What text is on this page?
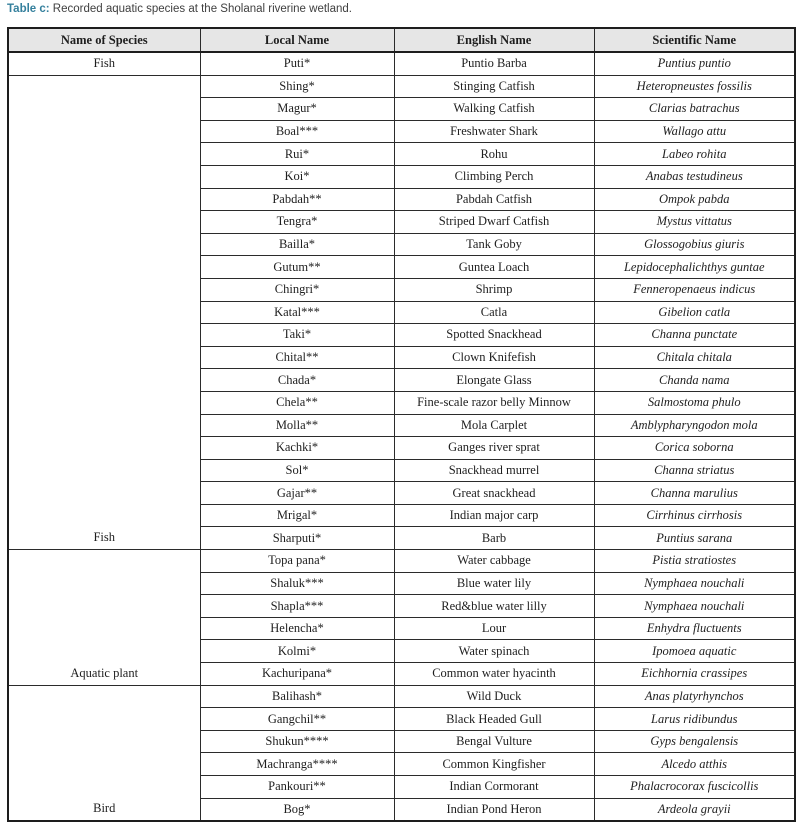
Table c: Recorded aquatic species at the Sholanal riverine wetland.
Name of Species	Local Name	English Name	Scientific Name
Fish	Puti*	Puntio Barba	Puntius puntio
Fish	Shing*	Stinging Catfish	Heteropneustes fossilis
	Magur*	Walking Catfish	Clarias batrachus
	Boal***	Freshwater Shark	Wallago attu
	Rui*	Rohu	Labeo rohita
	Koi*	Climbing Perch	Anabas testudineus
	Pabdah**	Pabdah Catfish	Ompok pabda
	Tengra*	Striped Dwarf Catfish	Mystus vittatus
	Bailla*	Tank Goby	Glossogobius giuris
	Gutum**	Guntea Loach	Lepidocephalichthys guntae
	Chingri*	Shrimp	Fenneropenaeus indicus
	Katal***	Catla	Gibelion catla
	Taki*	Spotted Snackhead	Channa punctate
	Chital**	Clown Knifefish	Chitala chitala
	Chada*	Elongate Glass	Chanda nama
	Chela**	Fine-scale razor belly Minnow	Salmostoma phulo
	Molla**	Mola Carplet	Amblypharyngodon mola
	Kachki*	Ganges river sprat	Corica soborna
	Sol*	Snackhead murrel	Channa striatus
	Gajar**	Great snackhead	Channa marulius
	Mrigal*	Indian major carp	Cirrhinus cirrhosis
	Sharputi*	Barb	Puntius sarana
Aquatic plant	Topa pana*	Water cabbage	Pistia stratiostes
	Shaluk***	Blue water lily	Nymphaea nouchali
	Shapla***	Red&blue water lilly	Nymphaea nouchali
	Helencha*	Lour	Enhydra fluctuents
	Kolmi*	Water spinach	Ipomoea aquatic
	Kachuripana*	Common water hyacinth	Eichhornia crassipes
Bird	Balihash*	Wild Duck	Anas platyrhynchos
	Gangchil**	Black Headed Gull	Larus ridibundus
	Shukun****	Bengal Vulture	Gyps bengalensis
	Machranga****	Common Kingfisher	Alcedo atthis
	Pankouri**	Indian Cormorant	Phalacrocorax fuscicollis
	Bog*	Indian Pond Heron	Ardeola grayii
